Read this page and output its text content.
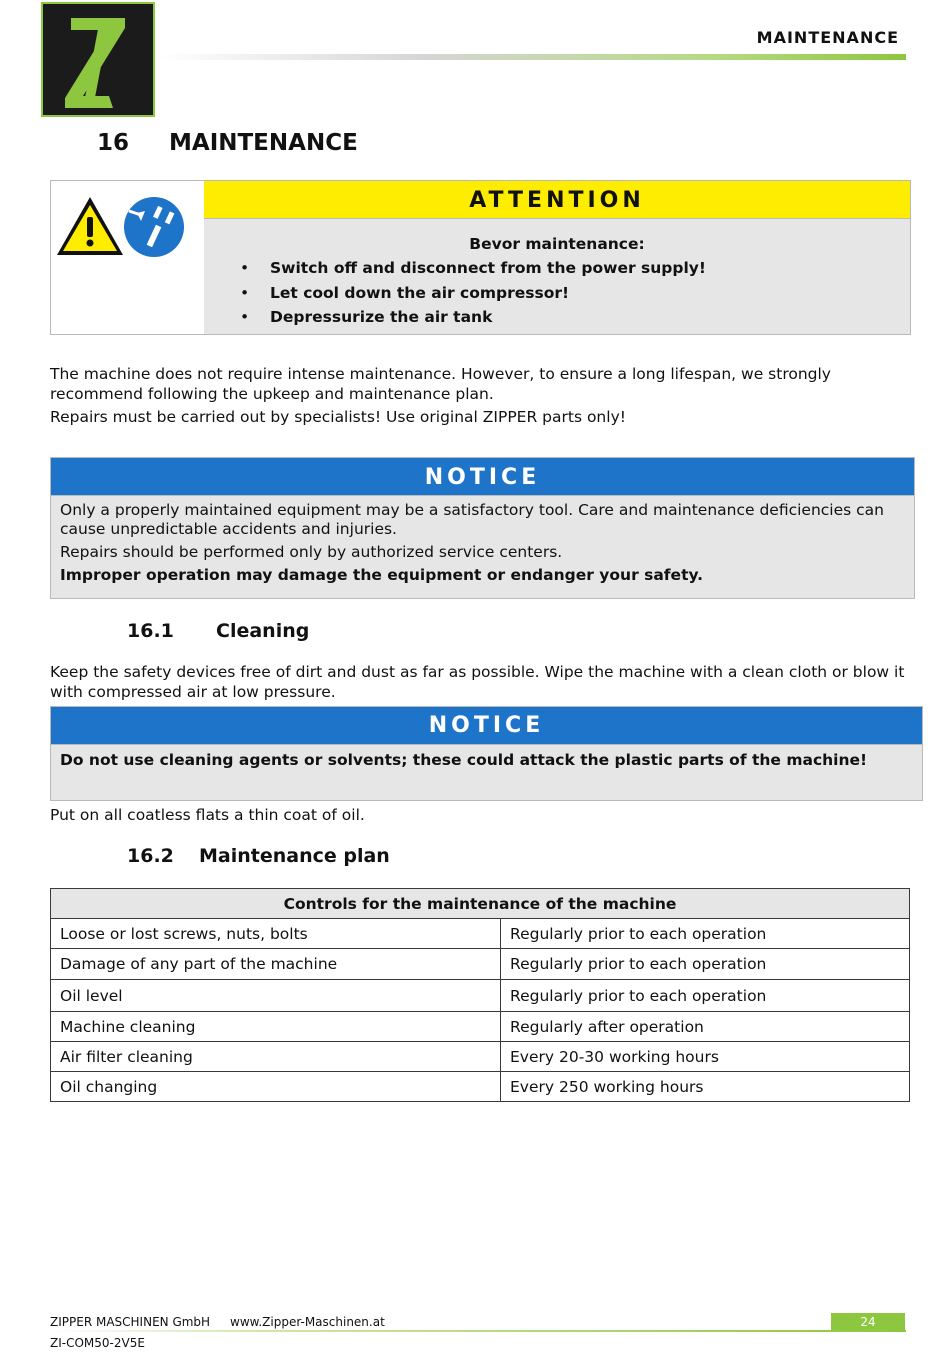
MAINTENANCE
16 MAINTENANCE
ATTENTION
Bevor maintenance:
• Switch off and disconnect from the power supply!
• Let cool down the air compressor!
• Depressurize the air tank
The machine does not require intense maintenance. However, to ensure a long lifespan, we strongly recommend following the upkeep and maintenance plan.
Repairs must be carried out by specialists! Use original ZIPPER parts only!
NOTICE

Only a properly maintained equipment may be a satisfactory tool. Care and maintenance deficiencies can cause unpredictable accidents and injuries.

Repairs should be performed only by authorized service centers.

Improper operation may damage the equipment or endanger your safety.

16.1 Cleaning
Keep the safety devices free of dirt and dust as far as possible. Wipe the machine with a clean cloth or blow it with compressed air at low pressure.
NOTICE
Do not use cleaning agents or solvents; these could attack the plastic parts of the machine!
Put on all coatless flats a thin coat of oil.
16.2 Maintenance plan
Controls for the maintenance of the machine	
Loose or lost screws, nuts, bolts	Regularly prior to each operation
Damage of any part of the machine	Regularly prior to each operation
Oil level	Regularly prior to each operation
Machine cleaning	Regularly after operation
Air filter cleaning	Every 20-30 working hours
Oil changing	Every 250 working hours
ZIPPER MASCHINEN GmbH www.Zipper-Maschinen.at	24
ZI-COM50-2V5E
